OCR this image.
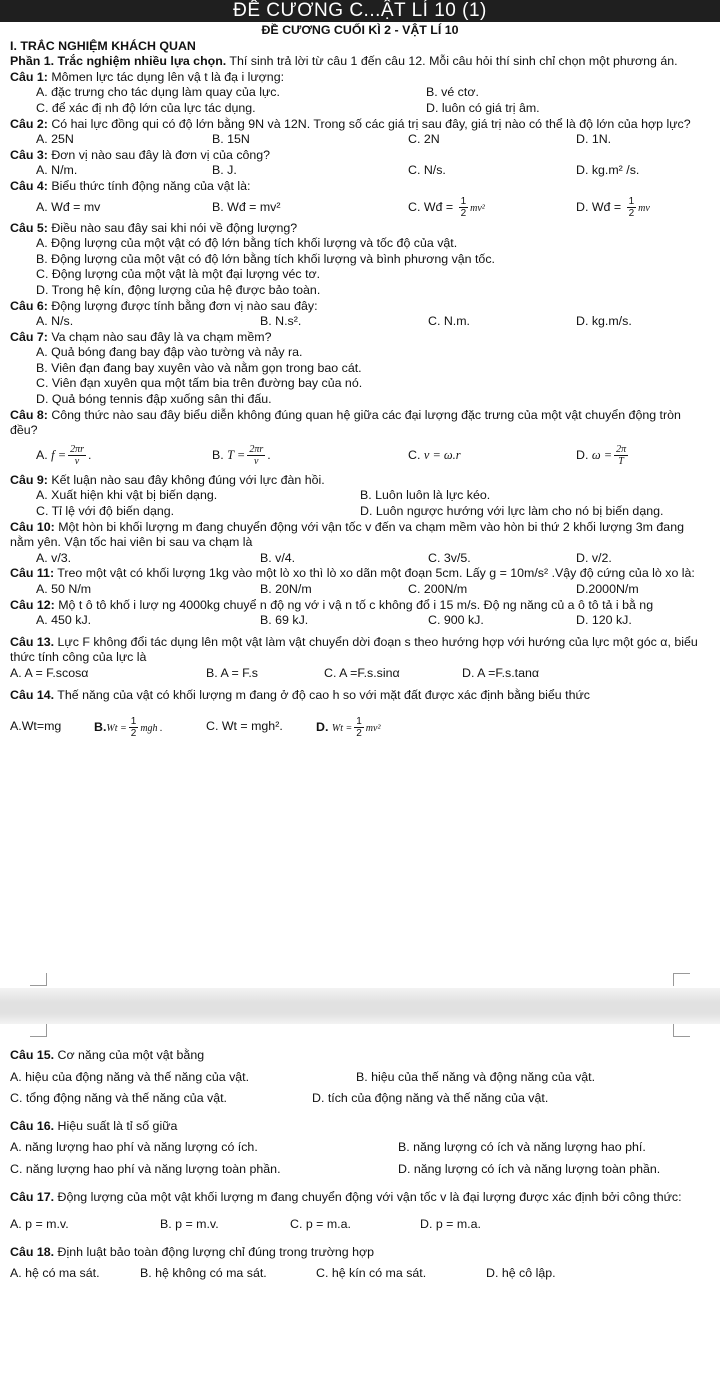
ĐỀ CƯƠNG C...ẬT LÍ 10 (1)
ĐỀ CƯƠNG CUỐI KÌ 2 - VẬT LÍ 10
I. TRẮC NGHIỆM KHÁCH QUAN
Phần 1. Trắc nghiệm nhiều lựa chọn. Thí sinh trả lời từ câu 1 đến câu 12. Mỗi câu hỏi thí sinh chỉ chọn một phương án.
Câu 1: Mômen lực tác dụng lên vậ t là đạ i lượng:
A. đặc trưng cho tác dụng làm quay của lực.	B. vé ctơ.
C. để xác đị nh độ lớn của lực tác dụng.	D. luôn có giá trị âm.
Câu 2: Có hai lực đồng qui có độ lớn bằng 9N và 12N. Trong số các giá trị sau đây, giá trị nào có thể là độ lớn của hợp lực?
A. 25N	B. 15N	C. 2N	D. 1N.
Câu 3: Đơn vị nào sau đây là đơn vị của công?
A. N/m.	B. J.	C. N/s.	D. kg.m² /s.
Câu 4: Biểu thức tính động năng của vật là:
A. Wđ = mv	B. Wđ = mv²	C. Wđ = $\frac{1}{2} mv^2$	D. Wđ = $\frac{1}{2}$ mv
Câu 5: Điều nào sau đây sai khi nói về động lượng?
A. Động lượng của một vật có độ lớn bằng tích khối lượng và tốc độ của vật.
B. Động lượng của một vật có độ lớn bằng tích khối lượng và bình phương vận tốc.
C. Động lượng của một vật là một đại lượng véc tơ.
D. Trong hệ kín, động lượng của hệ được bảo toàn.
Câu 6: Động lượng được tính bằng đơn vị nào sau đây:
A. N/s.	B. N.s².	C. N.m.	D. kg.m/s.
Câu 7: Va chạm nào sau đây là va chạm mềm?
A. Quả bóng đang bay đập vào tường và nảy ra.
B. Viên đạn đang bay xuyên vào và nằm gọn trong bao cát.
C. Viên đạn xuyên qua một tấm bia trên đường bay của nó.
D. Quả bóng tennis đập xuống sân thi đấu.
Câu 8: Công thức nào sau đây biểu diễn không đúng quan hệ giữa các đại lượng đặc trưng của một vật chuyển động tròn đều?
A. $f = \frac{2\pi r}{v}$ .	B. $T = \frac{2\pi r}{v}$ .	C. v = ω.r	D. $\omega = \frac{2\pi}{T}$
Câu 9: Kết luận nào sau đây không đúng với lực đàn hồi.
A. Xuất hiện khi vật bị biến dạng.	B. Luôn luôn là lực kéo.
C. Tỉ lệ với độ biến dạng.	D. Luôn ngược hướng với lực làm cho nó bị biến dạng.
Câu 10: Một hòn bi khối lượng m đang chuyển động với vận tốc v đến va chạm mềm vào hòn bi thứ 2 khối lượng 3m đang nằm yên. Vận tốc hai viên bi sau va chạm là
A. v/3.	B. v/4.	C. 3v/5.	D. v/2.
Câu 11: Treo một vật có khối lượng 1kg vào một lò xo thì lò xo dãn một đoạn 5cm. Lấy g = 10m/s² .Vậy độ cứng của lò xo là:
A. 50 N/m	B. 20N/m	C. 200N/m	D.2000N/m
Câu 12: Mộ t ô tô khố i lượ ng 4000kg chuyể n độ ng vớ i vậ n tố c không đổ i 15 m/s. Độ ng năng củ a ô tô tả i bằ ng
A. 450 kJ.	B. 69 kJ.	C. 900 kJ.	D. 120 kJ.
Câu 13. Lực F không đổi tác dụng lên một vật làm vật chuyển dời đoạn s theo hướng hợp với hướng của lực một góc α, biểu thức tính công của lực là
A. A = F.scosα	B. A = F.s	C. A =F.s.sinα	D. A =F.s.tanα
Câu 14. Thế năng của vật có khối lượng m đang ở độ cao h so với mặt đất được xác định bằng biểu thức
A.Wt=mg	$B.Wt = \frac{1}{2}$ mgh .	C. Wt = mgh².	D. $Wt = \frac{1}{2} mv^2$
Câu 15. Cơ năng của một vật bằng
A. hiệu của động năng và thế năng của vật.	B. hiệu của thế năng và động năng của vật.
C. tổng động năng và thế năng của vật.	D. tích của động năng và thế năng của vật.
Câu 16. Hiệu suất là tỉ số giữa
A. năng lượng hao phí và năng lượng có ích.	B. năng lượng có ích và năng lượng hao phí.
C. năng lượng hao phí và năng lượng toàn phần.	D. năng lượng có ích và năng lượng toàn phần.
Câu 17. Động lượng của một vật khối lượng m đang chuyển động với vận tốc v là đại lượng được xác định bởi công thức:
A. p = m.v.	B. p = m.v.	C. p = m.a.	D. p = m.a.
Câu 18. Định luật bảo toàn động lượng chỉ đúng trong trường hợp
A. hệ có ma sát.	B. hệ không có ma sát.	C. hệ kín có ma sát.	D. hệ cô lập.
